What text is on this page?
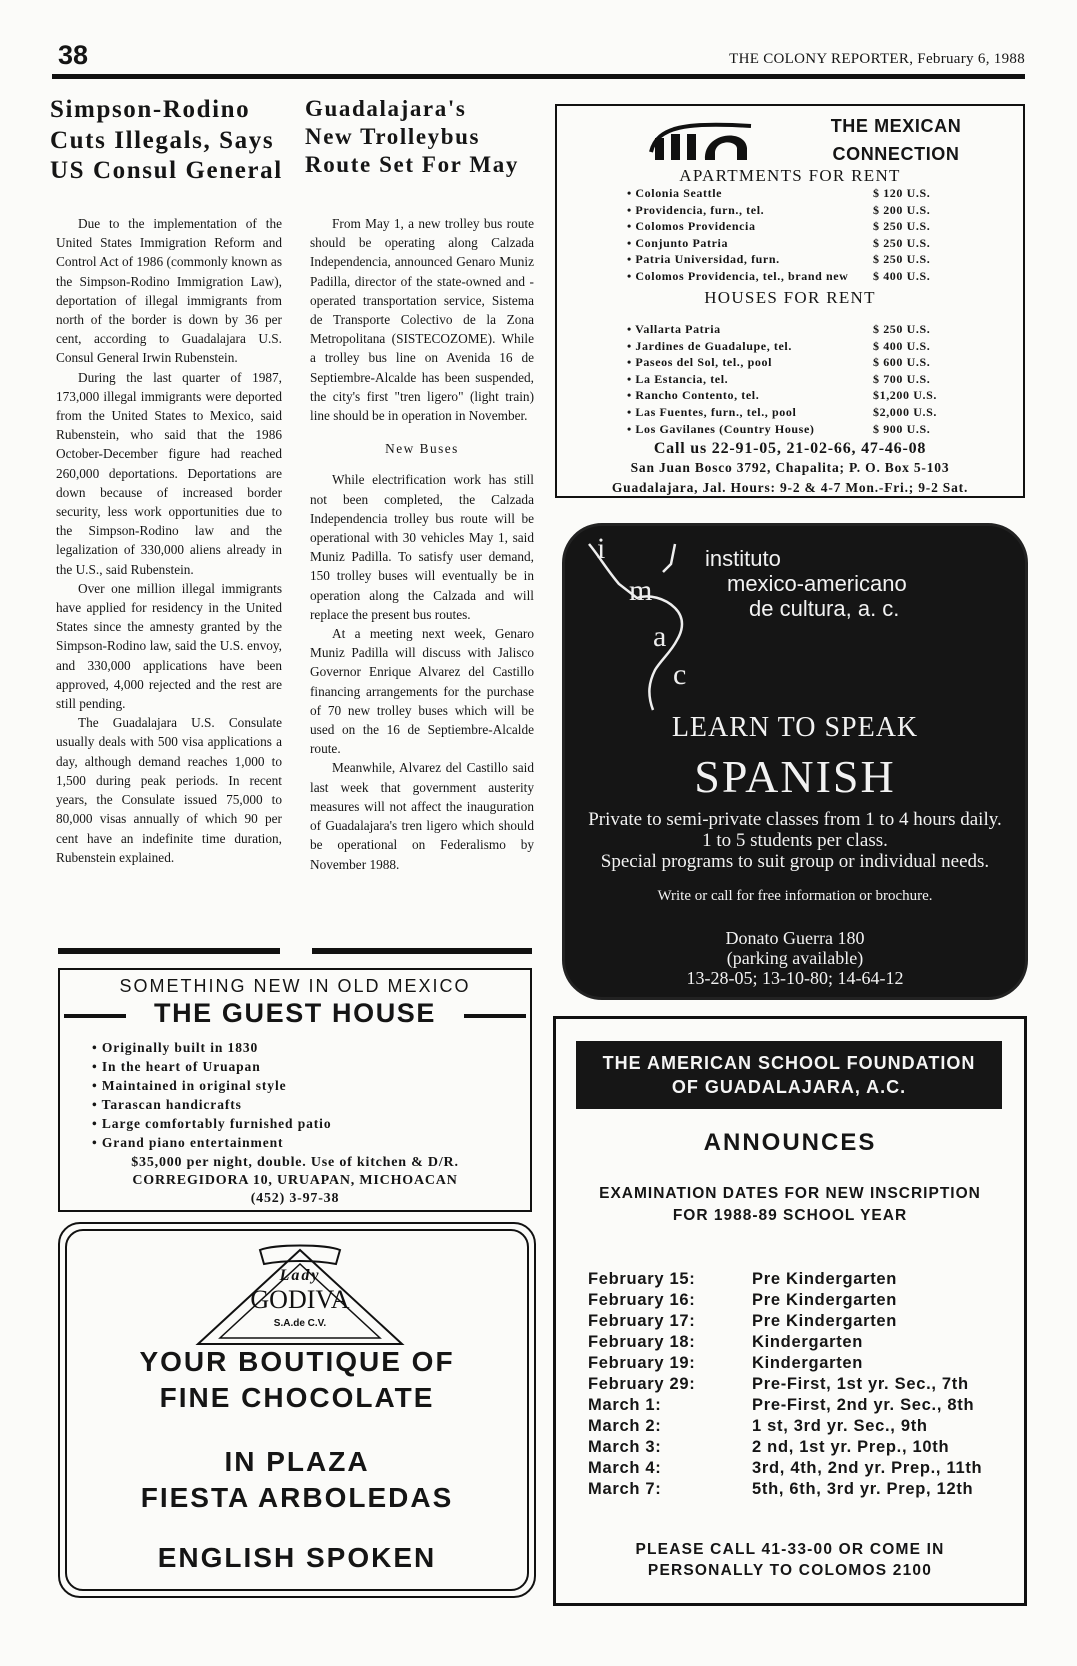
38	THE COLONY REPORTER, February 6, 1988
Simpson-Rodino
Cuts Illegals, Says
US Consul General

Due to the implementation of the United States Immigration Reform and Control Act of 1986 (commonly known as the Simpson-Rodino Immigration Law), deportation of illegal immigrants from north of the border is down by 36 per cent, according to Guadalajara U.S. Consul General Irwin Rubenstein.

During the last quarter of 1987, 173,000 illegal immigrants were deported from the United States to Mexico, said Rubenstein, who said that the 1986 October-December figure had reached 260,000 deportations. Deportations are down because of increased border security, less work opportunities due to the Simpson-Rodino law and the legalization of 330,000 aliens already in the U.S., said Rubenstein.

Over one million illegal immigrants have applied for residency in the United States since the amnesty granted by the Simpson-Rodino law, said the U.S. envoy, and 330,000 applications have been approved, 4,000 rejected and the rest are still pending.

The Guadalajara U.S. Consulate usually deals with 500 visa applications a day, although demand reaches 1,000 to 1,500 during peak periods. In recent years, the Consulate issued 75,000 to 80,000 visas annually of which 90 per cent have an indefinite time duration, Rubenstein explained.

Guadalajara's
New Trolleybus
Route Set For May

From May 1, a new trolley bus route should be operating along Calzada Independencia, announced Genaro Muniz Padilla, director of the state-owned and -operated transportation service, Sistema de Transporte Colectivo de la Zona Metropolitana (SISTECOZOME). While a trolley bus line on Avenida 16 de Septiembre-Alcalde has been suspended, the city's first "tren ligero" (light train) line should be in operation in November.

New Buses

While electrification work has still not been completed, the Calzada Independencia trolley bus route will be operational with 30 vehicles May 1, said Muniz Padilla. To satisfy user demand, 150 trolley buses will eventually be in operation along the Calzada and will replace the present bus routes.

At a meeting next week, Genaro Muniz Padilla will discuss with Jalisco Governor Enrique Alvarez del Castillo financing arrangements for the purchase of 70 new trolley buses which will be used on the 16 de Septiembre-Alcalde route.

Meanwhile, Alvarez del Castillo said last week that government austerity measures will not affect the inauguration of Guadalajara's tren ligero which should be operational on Federalismo by November 1988.

THE MEXICAN
CONNECTION
APARTMENTS FOR RENT
• Colonia Seattle	$ 120 U.S.
• Providencia, furn., tel.	$ 200 U.S.
• Colomos Providencia	$ 250 U.S.
• Conjunto Patria	$ 250 U.S.
• Patria Universidad, furn.	$ 250 U.S.
• Colomos Providencia, tel., brand new $ 400 U.S.
HOUSES FOR RENT
• Vallarta Patria	$ 250 U.S.
• Jardines de Guadalupe, tel.	$ 400 U.S.
• Paseos del Sol, tel., pool	$ 600 U.S.
• La Estancia, tel.	$ 700 U.S.
• Rancho Contento, tel.	$1,200 U.S.
• Las Fuentes, furn., tel., pool	$2,000 U.S.
• Los Gavilanes (Country House)	$ 900 U.S.
Call us 22-91-05, 21-02-66, 47-46-08
San Juan Bosco 3792, Chapalita; P. O. Box 5-103
Guadalajara, Jal. Hours: 9-2 & 4-7 Mon.-Fri.; 9-2 Sat.
i
m
a
c
instituto
mexico-americano
de cultura, a. c.
LEARN TO SPEAK
SPANISH
Private to semi-private classes from 1 to 4 hours daily.
1 to 5 students per class.
Special programs to suit group or individual needs.
Write or call for free information or brochure.
Donato Guerra 180
(parking available)
13-28-05; 13-10-80; 14-64-12
SOMETHING NEW IN OLD MEXICO
THE GUEST HOUSE
• Originally built in 1830
• In the heart of Uruapan
• Maintained in original style
• Tarascan handicrafts
• Large comfortably furnished patio
• Grand piano entertainment
$35,000 per night, double. Use of kitchen & D/R.
CORREGIDORA 10, URUAPAN, MICHOACAN
(452) 3-97-38
Lady
GODIVA
S.A.de C.V.
YOUR BOUTIQUE OF
FINE CHOCOLATE
IN PLAZA
FIESTA ARBOLEDAS
ENGLISH SPOKEN
THE AMERICAN SCHOOL FOUNDATION
OF GUADALAJARA, A.C.
ANNOUNCES
EXAMINATION DATES FOR NEW INSCRIPTION
FOR 1988-89 SCHOOL YEAR
February 15:	Pre Kindergarten
February 16:	Pre Kindergarten
February 17:	Pre Kindergarten
February 18:	Kindergarten
February 19:	Kindergarten
February 29:	Pre-First, 1st yr. Sec., 7th
March 1:	Pre-First, 2nd yr. Sec., 8th
March 2:	1 st, 3rd yr. Sec., 9th
March 3:	2 nd, 1st yr. Prep., 10th
March 4:	3rd, 4th, 2nd yr. Prep., 11th
March 7:	5th, 6th, 3rd yr. Prep, 12th
PLEASE CALL 41-33-00 OR COME IN
PERSONALLY TO COLOMOS 2100
